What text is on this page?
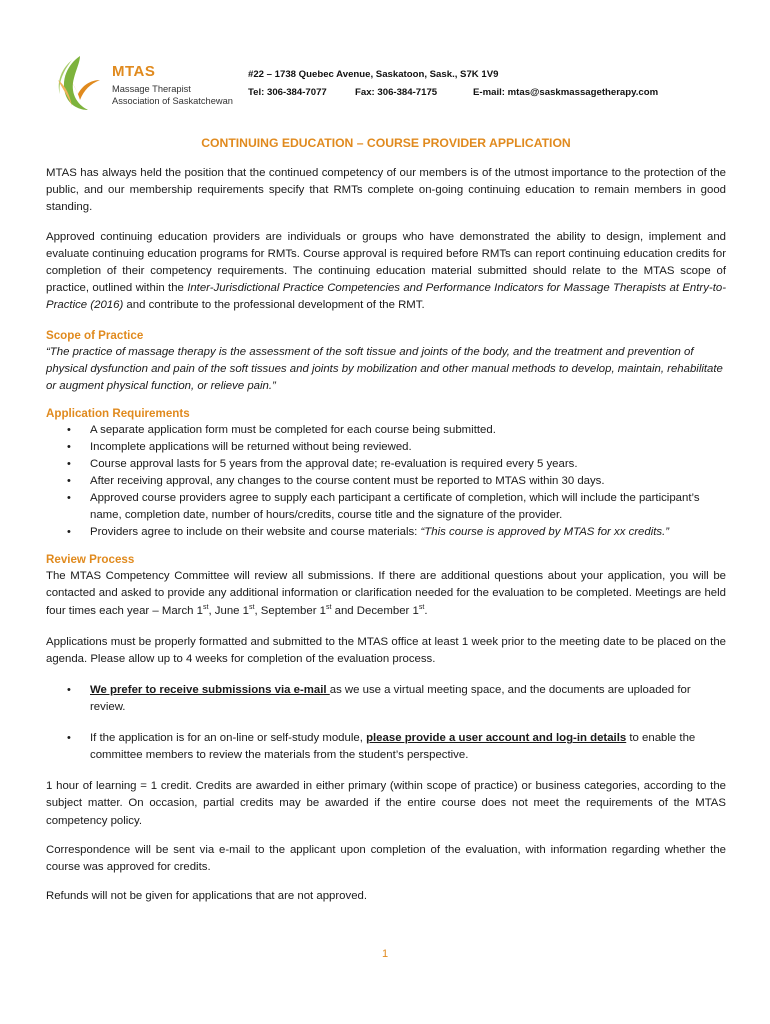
MTAS
Massage Therapist
Association of Saskatchewan
#22 – 1738 Quebec Avenue, Saskatoon, Sask., S7K 1V9
Tel: 306-384-7077	Fax: 306-384-7175	E-mail: mtas@saskmassagetherapy.com
CONTINUING EDUCATION – COURSE PROVIDER APPLICATION

MTAS has always held the position that the continued competency of our members is of the utmost importance to the protection of the public, and our membership requirements specify that RMTs complete on-going continuing education to remain members in good standing.

Approved continuing education providers are individuals or groups who have demonstrated the ability to design, implement and evaluate continuing education programs for RMTs. Course approval is required before RMTs can report continuing education credits for completion of their competency requirements. The continuing education material submitted should relate to the MTAS scope of practice, outlined within the Inter-Jurisdictional Practice Competencies and Performance Indicators for Massage Therapists at Entry-to-Practice (2016) and contribute to the professional development of the RMT.

Scope of Practice
“The practice of massage therapy is the assessment of the soft tissue and joints of the body, and the treatment and prevention of physical dysfunction and pain of the soft tissues and joints by mobilization and other manual methods to develop, maintain, rehabilitate or augment physical function, or relieve pain.”
Application Requirements
• A separate application form must be completed for each course being submitted.
• Incomplete applications will be returned without being reviewed.
• Course approval lasts for 5 years from the approval date; re-evaluation is required every 5 years.
• After receiving approval, any changes to the course content must be reported to MTAS within 30 days.
• Approved course providers agree to supply each participant a certificate of completion, which will include the participant’s name, completion date, number of hours/credits, course title and the signature of the provider.
• Providers agree to include on their website and course materials: “This course is approved by MTAS for xx credits.”
Review Process

The MTAS Competency Committee will review all submissions. If there are additional questions about your application, you will be contacted and asked to provide any additional information or clarification needed for the evaluation to be completed. Meetings are held four times each year – March 1st, June 1st, September 1st and December 1st.

Applications must be properly formatted and submitted to the MTAS office at least 1 week prior to the meeting date to be placed on the agenda. Please allow up to 4 weeks for completion of the evaluation process.

• We prefer to receive submissions via e-mail as we use a virtual meeting space, and the documents are uploaded for review.
• If the application is for an on-line or self-study module, please provide a user account and log-in details to enable the committee members to review the materials from the student’s perspective.

1 hour of learning = 1 credit. Credits are awarded in either primary (within scope of practice) or business categories, according to the subject matter. On occasion, partial credits may be awarded if the entire course does not meet the requirements of the MTAS competency policy.

Correspondence will be sent via e-mail to the applicant upon completion of the evaluation, with information regarding whether the course was approved for credits.

Refunds will not be given for applications that are not approved.

1
